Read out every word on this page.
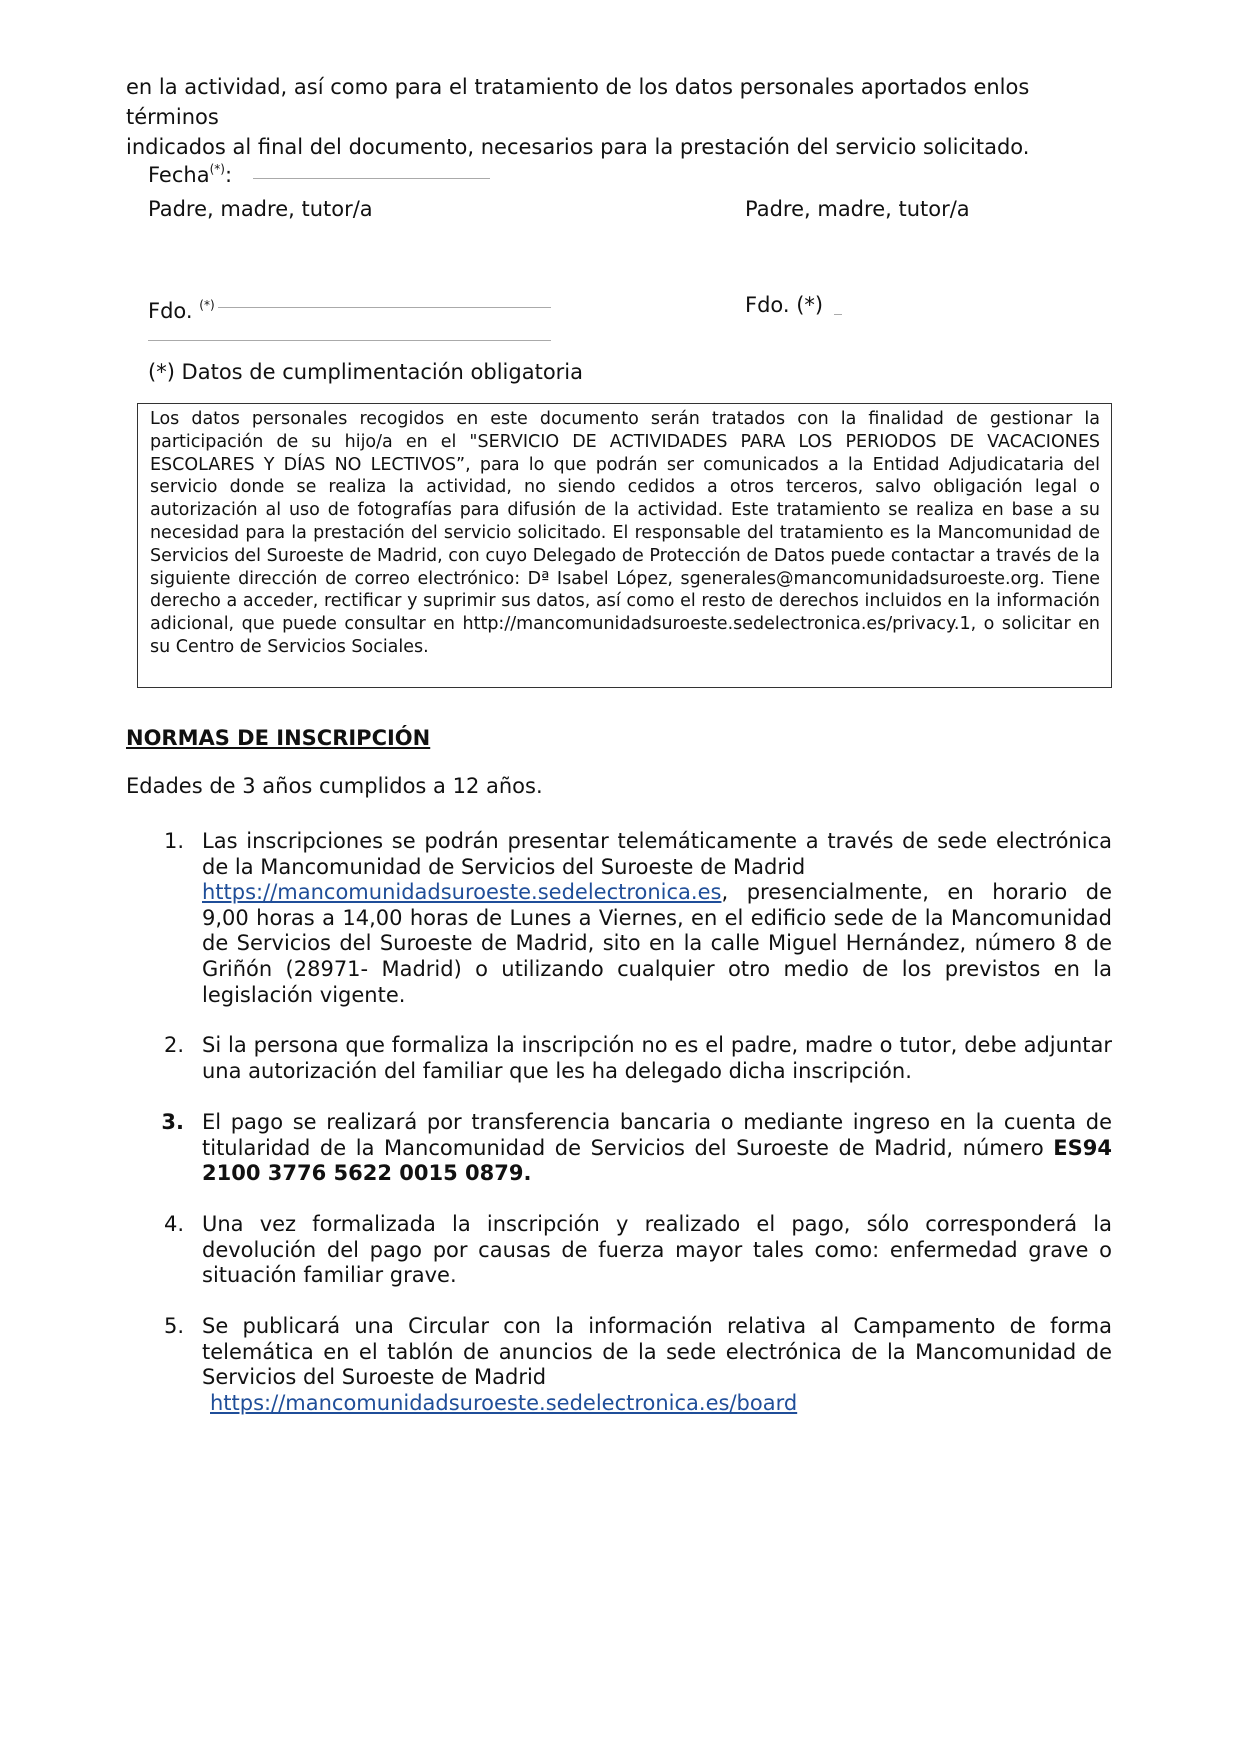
en la actividad, así como para el tratamiento de los datos personales aportados enlos términos
indicados al final del documento, necesarios para la prestación del servicio solicitado.
Fecha(*):
Padre, madre, tutor/a	Padre, madre, tutor/a
Fdo. (*)	Fdo. (*)
(*) Datos de cumplimentación obligatoria
Los datos personales recogidos en este documento serán tratados con la finalidad de gestionar la participación de su hijo/a en el "SERVICIO DE ACTIVIDADES PARA LOS PERIODOS DE VACACIONES ESCOLARES Y DÍAS NO LECTIVOS”, para lo que podrán ser comunicados a la Entidad Adjudicataria del servicio donde se realiza la actividad, no siendo cedidos a otros terceros, salvo obligación legal o autorización al uso de fotografías para difusión de la actividad. Este tratamiento se realiza en base a su necesidad para la prestación del servicio solicitado. El responsable del tratamiento es la Mancomunidad de Servicios del Suroeste de Madrid, con cuyo Delegado de Protección de Datos puede contactar a través de la siguiente dirección de correo electrónico: Dª Isabel López, sgenerales@mancomunidadsuroeste.org. Tiene derecho a acceder, rectificar y suprimir sus datos, así como el resto de derechos incluidos en la información adicional, que puede consultar en http://mancomunidadsuroeste.sedelectronica.es/privacy.1, o solicitar en su Centro de Servicios Sociales.
NORMAS DE INSCRIPCIÓN
Edades de 3 años cumplidos a 12 años.
1. Las inscripciones se podrán presentar telemáticamente a través de sede electrónica de la Mancomunidad de Servicios del Suroeste de Madrid
https://mancomunidadsuroeste.sedelectronica.es, presencialmente, en horario de 9,00 horas a 14,00 horas de Lunes a Viernes, en el edificio sede de la Mancomunidad de Servicios del Suroeste de Madrid, sito en la calle Miguel Hernández, número 8 de Griñón (28971- Madrid) o utilizando cualquier otro medio de los previstos en la legislación vigente.
2. Si la persona que formaliza la inscripción no es el padre, madre o tutor, debe adjuntar una autorización del familiar que les ha delegado dicha inscripción.
3. El pago se realizará por transferencia bancaria o mediante ingreso en la cuenta de titularidad de la Mancomunidad de Servicios del Suroeste de Madrid, número ES94 2100 3776 5622 0015 0879.
4. Una vez formalizada la inscripción y realizado el pago, sólo corresponderá la devolución del pago por causas de fuerza mayor tales como: enfermedad grave o situación familiar grave.
5. Se publicará una Circular con la información relativa al Campamento de forma telemática en el tablón de anuncios de la sede electrónica de la Mancomunidad de Servicios del Suroeste de Madrid
https://mancomunidadsuroeste.sedelectronica.es/board
